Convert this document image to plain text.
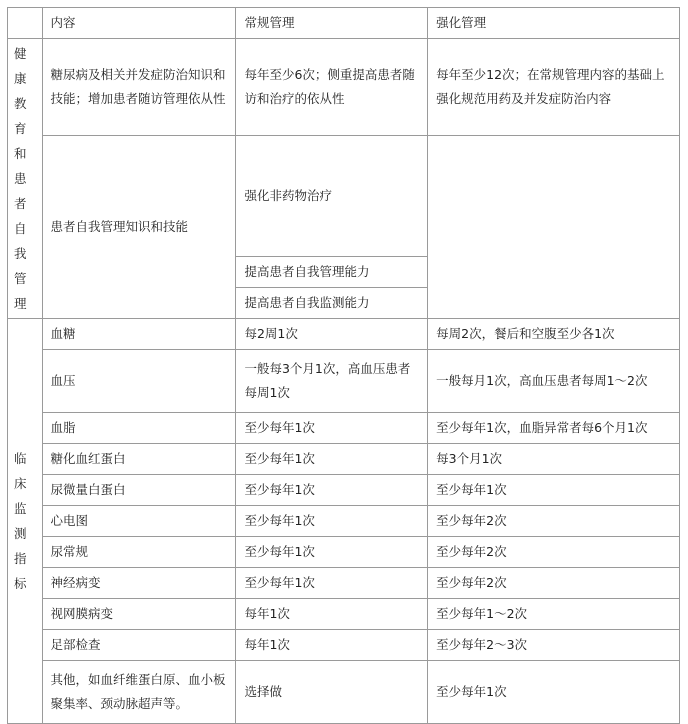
	内容	常规管理	强化管理
健康教育和患者自我管理	糖尿病及相关并发症防治知识和技能；增加患者随访管理依从性	每年至少6次；侧重提高患者随访和治疗的依从性	每年至少12次；在常规管理内容的基础上强化规范用药及并发症防治内容
	患者自我管理知识和技能	强化非药物治疗	
		提高患者自我管理能力	
		提高患者自我监测能力	
临床监测指标	血糖	每2周1次	每周2次，餐后和空腹至少各1次
	血压	一般每3个月1次，高血压患者每周1次	一般每月1次，高血压患者每周1～2次
	血脂	至少每年1次	至少每年1次，血脂异常者每6个月1次
	糖化血红蛋白	至少每年1次	每3个月1次
	尿微量白蛋白	至少每年1次	至少每年1次
	心电图	至少每年1次	至少每年2次
	尿常规	至少每年1次	至少每年2次
	神经病变	至少每年1次	至少每年2次
	视网膜病变	每年1次	至少每年1～2次
	足部检查	每年1次	至少每年2～3次
	其他，如血纤维蛋白原、血小板聚集率、颈动脉超声等。	选择做	至少每年1次
